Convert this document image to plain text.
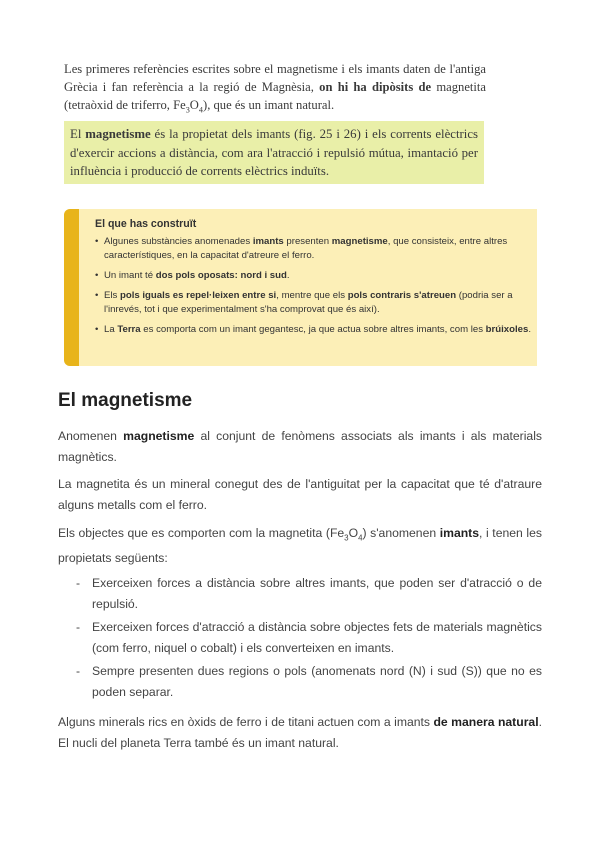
Les primeres referències escrites sobre el magnetisme i els imants daten de l'antiga Grècia i fan referència a la regió de Magnèsia, on hi ha dipòsits de magnetita (tetraòxid de triferro, $Fe_3O_4$), que és un imant natural.

El magnetisme és la propietat dels imants (fig. 25 i 26) i els corrents elèctrics d'exercir accions a distància, com ara l'atracció i repulsió mútua, imantació per influència i producció de corrents elèctrics induïts.
El que has construït
• Algunes substàncies anomenades imants presenten magnetisme, que consisteix, entre altres característiques, en la capacitat d'atreure el ferro.
• Un imant té dos pols oposats: nord i sud.
• Els pols iguals es repel·leixen entre si, mentre que els pols contraris s'atreuen (podria ser a l'inrevés, tot i que experimentalment s'ha comprovat que és així).
• La Terra es comporta com un imant gegantesc, ja que actua sobre altres imants, com les brúixoles.
El magnetisme

Anomenen magnetisme al conjunt de fenòmens associats als imants i als materials magnètics.

La magnetita és un mineral conegut des de l'antiguitat per la capacitat que té d'atraure alguns metalls com el ferro.

Els objectes que es comporten com la magnetita $(Fe_3O_4)$ s'anomenen imants, i tenen les propietats següents:

- Exerceixen forces a distància sobre altres imants, que poden ser d'atracció o de repulsió.
- Exerceixen forces d'atracció a distància sobre objectes fets de materials magnètics (com ferro, niquel o cobalt) i els converteixen en imants.
- Sempre presenten dues regions o pols (anomenats nord (N) i sud (S)) que no es poden separar.

Alguns minerals rics en òxids de ferro i de titani actuen com a imants de manera natural. El nucli del planeta Terra també és un imant natural.
